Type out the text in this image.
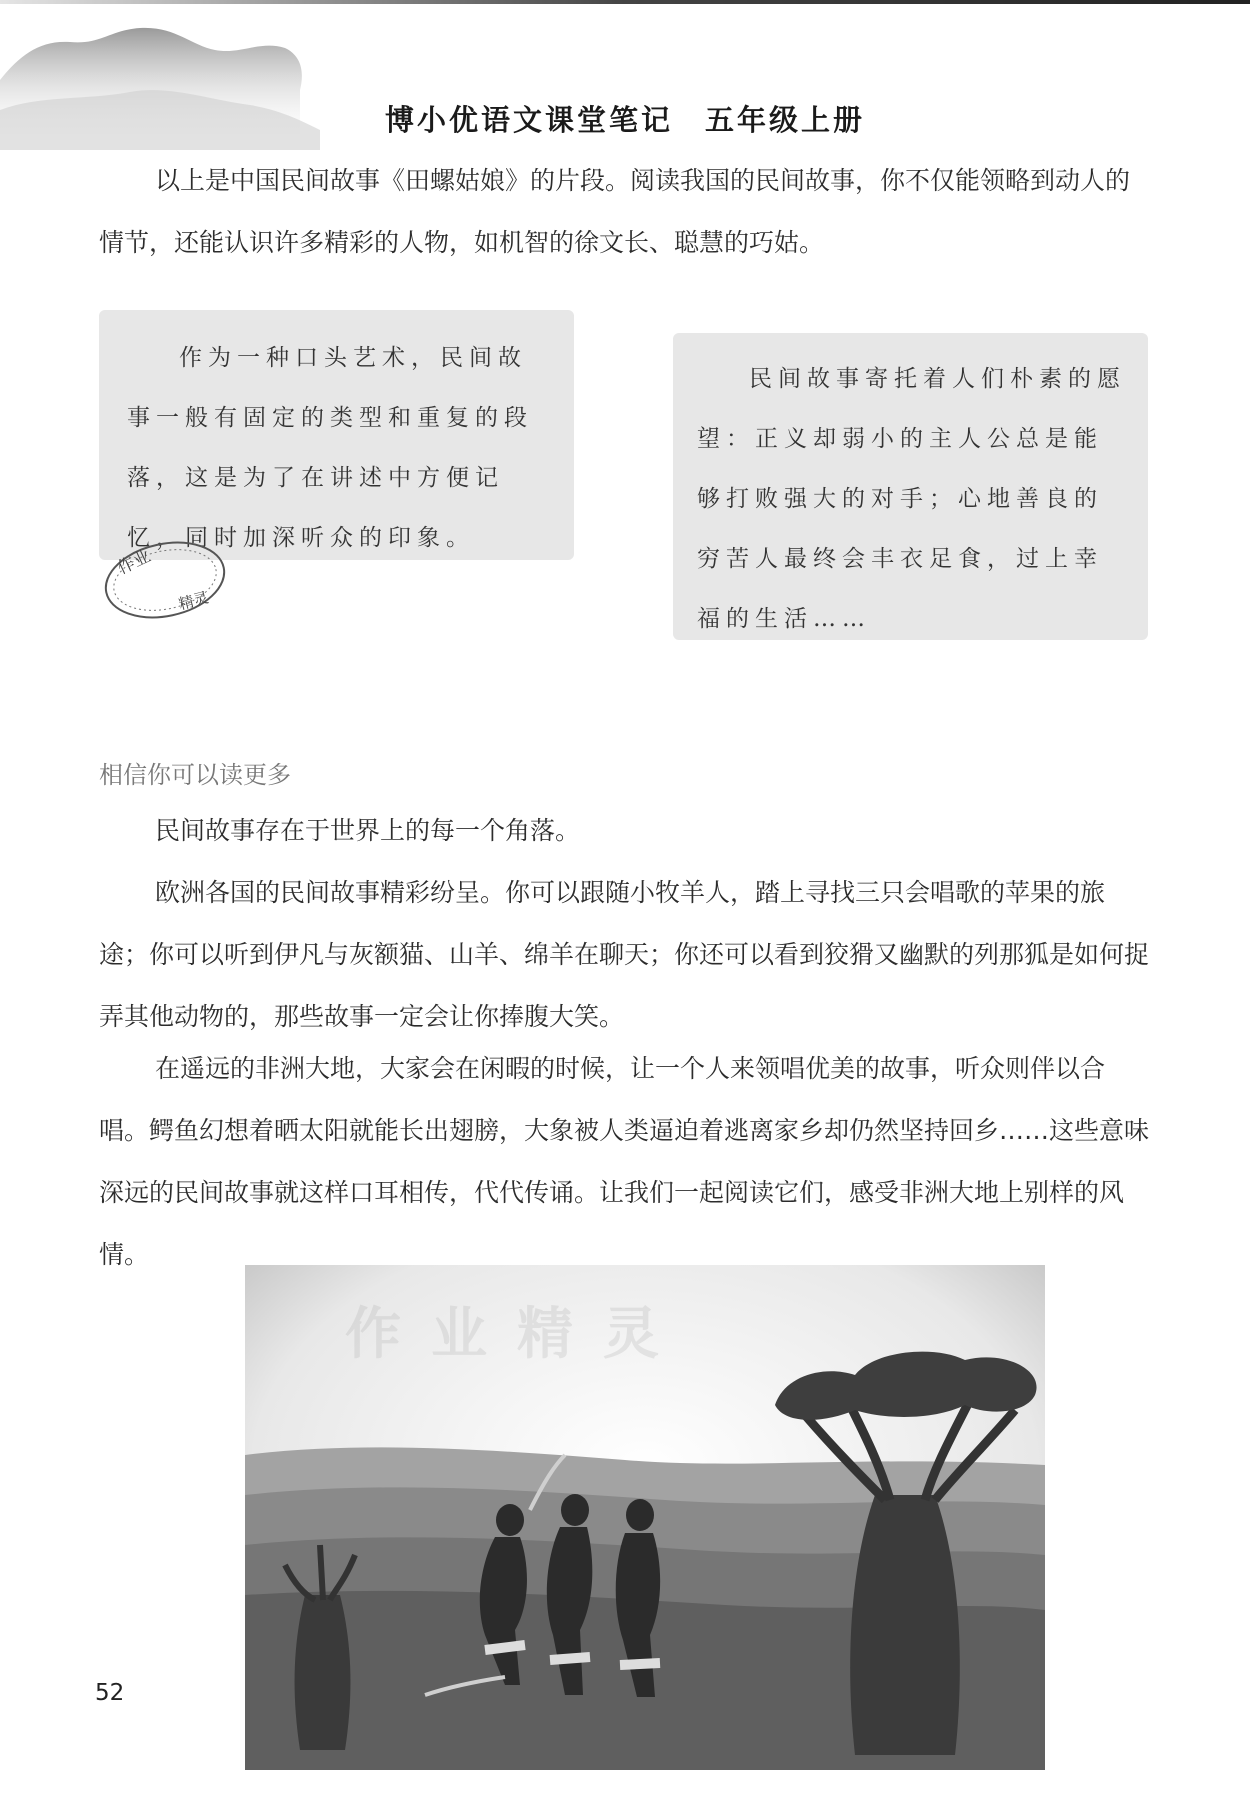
博小优语文课堂笔记　五年级上册

以上是中国民间故事《田螺姑娘》的片段。阅读我国的民间故事，你不仅能领略到动人的情节，还能认识许多精彩的人物，如机智的徐文长、聪慧的巧姑。

作为一种口头艺术，民间故事一般有固定的类型和重复的段落，这是为了在讲述中方便记忆，同时加深听众的印象。

作业
精灵

民间故事寄托着人们朴素的愿望：正义却弱小的主人公总是能够打败强大的对手；心地善良的穷苦人最终会丰衣足食，过上幸福的生活……

相信你可以读更多

民间故事存在于世界上的每一个角落。

欧洲各国的民间故事精彩纷呈。你可以跟随小牧羊人，踏上寻找三只会唱歌的苹果的旅途；你可以听到伊凡与灰额猫、山羊、绵羊在聊天；你还可以看到狡猾又幽默的列那狐是如何捉弄其他动物的，那些故事一定会让你捧腹大笑。

在遥远的非洲大地，大家会在闲暇的时候，让一个人来领唱优美的故事，听众则伴以合唱。鳄鱼幻想着晒太阳就能长出翅膀，大象被人类逼迫着逃离家乡却仍然坚持回乡……这些意味深远的民间故事就这样口耳相传，代代传诵。让我们一起阅读它们，感受非洲大地上别样的风情。

作业精灵
52
